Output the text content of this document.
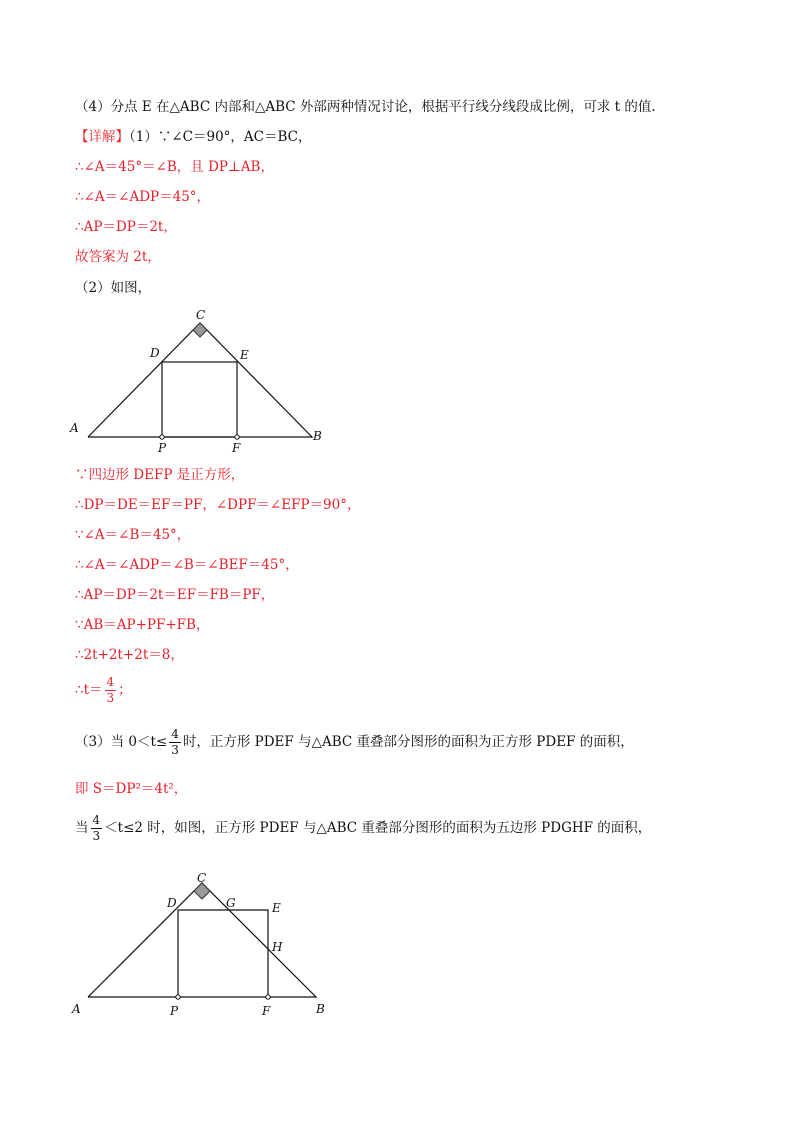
（4）分点 E 在△ABC 内部和△ABC 外部两种情况讨论，根据平行线分线段成比例，可求 t 的值.
【详解】（1）∵∠C＝90°，AC＝BC，
∴∠A＝45°＝∠B，且 DP⊥AB，
∴∠A＝∠ADP＝45°，
∴AP＝DP＝2t，
故答案为 2t，
（2）如图，
A
B
C
D	E
P	F
∵四边形 DEFP 是正方形，
∴DP＝DE＝EF＝PF，∠DPF＝∠EFP＝90°，
∵∠A＝∠B＝45°，
∴∠A＝∠ADP＝∠B＝∠BEF＝45°，
∴AP＝DP＝2t＝EF＝FB＝PF，
∵AB＝AP+PF+FB，
∴2t+2t+2t＝8，
∴t＝ $\frac{4}{3}$ ；
（3）当 $0<t\le \frac{4}{3}$ 时，正方形 PDEF 与△ABC 重叠部分图形的面积为正方形 PDEF 的面积，
即 S＝DP²＝4t²，
当 $\frac{4}{3} <t\le 2$ 时，如图，正方形 PDEF 与△ABC 重叠部分图形的面积为五边形 PDGHF 的面积，
A	B
C
D	G	E
H
P	F
